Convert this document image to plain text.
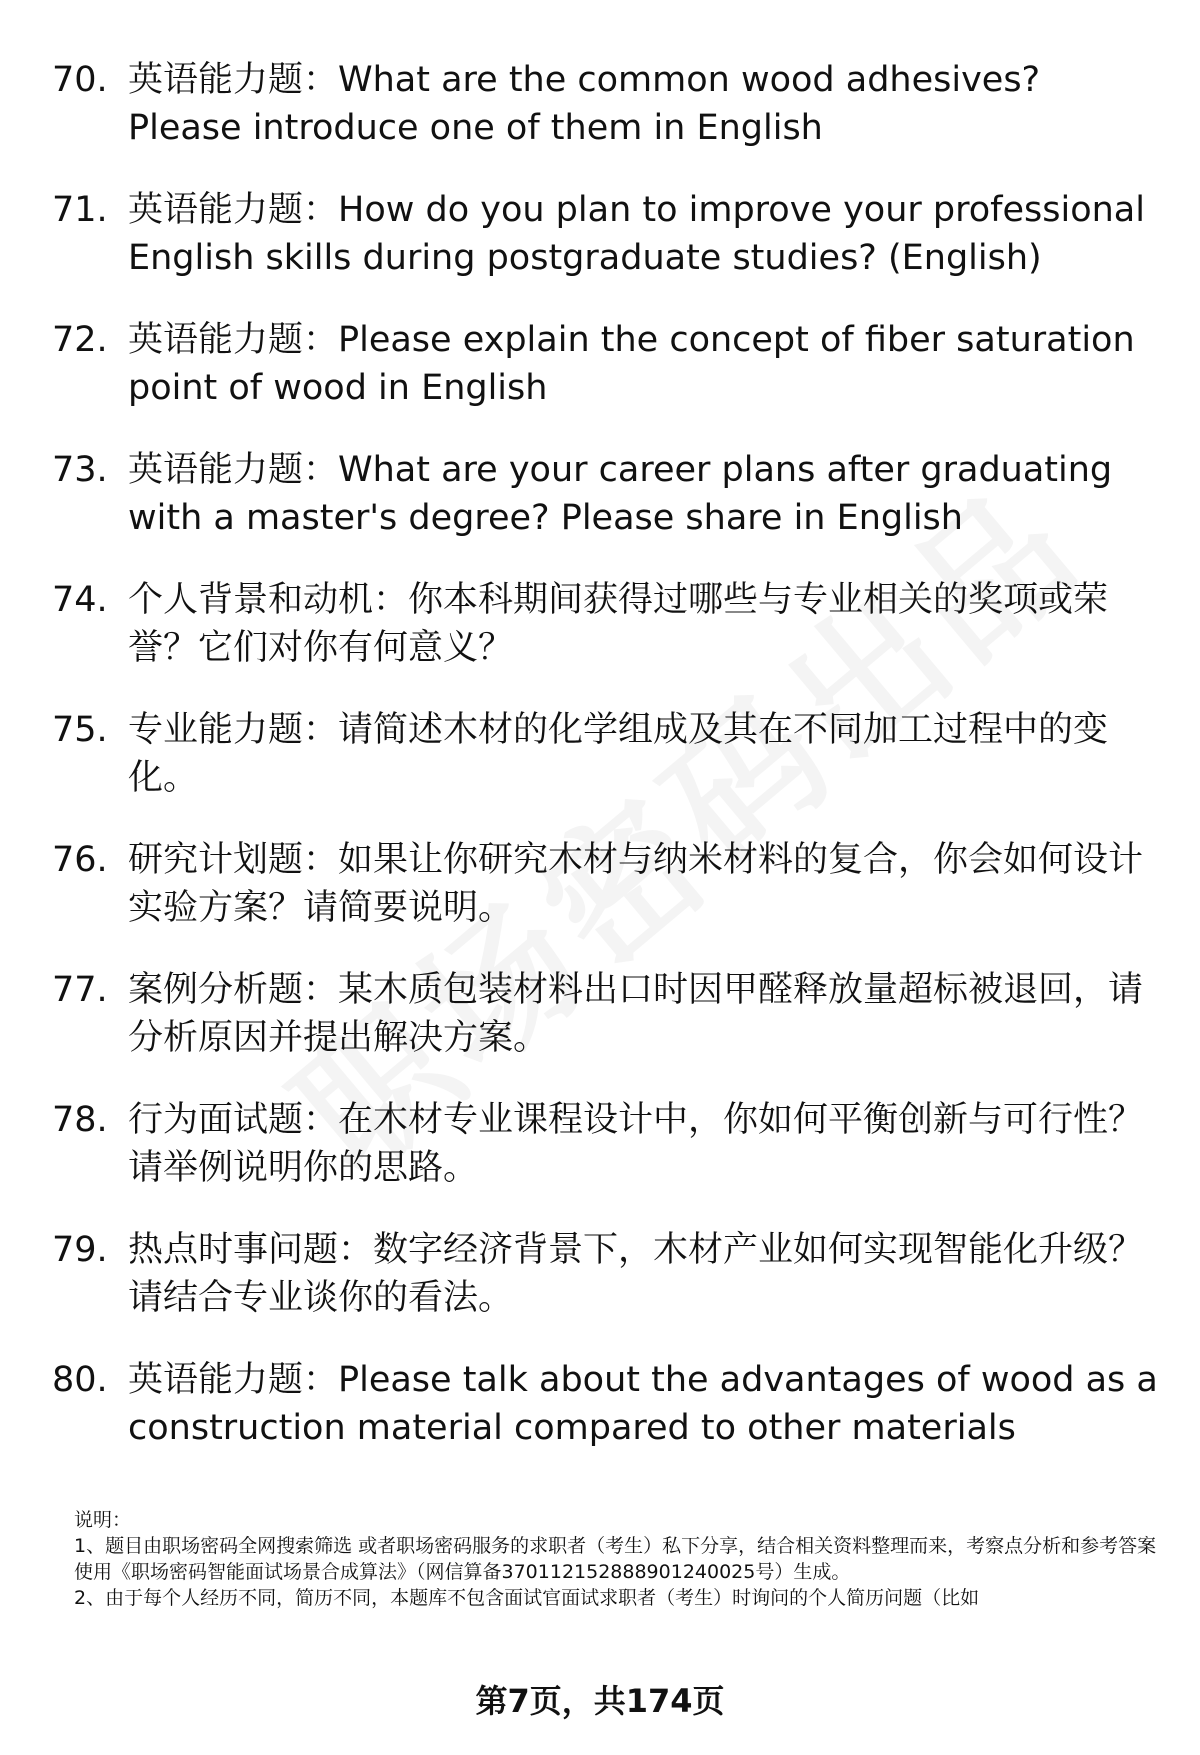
70. 英语能力题：What are the common wood adhesives? Please introduce one of them in English
71. 英语能力题：How do you plan to improve your professional English skills during postgraduate studies? (English)
72. 英语能力题：Please explain the concept of fiber saturation point of wood in English
73. 英语能力题：What are your career plans after graduating with a master's degree? Please share in English
74. 个人背景和动机：你本科期间获得过哪些与专业相关的奖项或荣誉？它们对你有何意义？
75. 专业能力题：请简述木材的化学组成及其在不同加工过程中的变化。
76. 研究计划题：如果让你研究木材与纳米材料的复合，你会如何设计实验方案？请简要说明。
77. 案例分析题：某木质包装材料出口时因甲醛释放量超标被退回，请分析原因并提出解决方案。
78. 行为面试题：在木材专业课程设计中，你如何平衡创新与可行性？请举例说明你的思路。
79. 热点时事问题：数字经济背景下，木材产业如何实现智能化升级？请结合专业谈你的看法。
80. 英语能力题：Please talk about the advantages of wood as a construction material compared to other materials

说明：

1、题目由职场密码全网搜索筛选 或者职场密码服务的求职者（考生）私下分享，结合相关资料整理而来，考察点分析和参考答案使用《职场密码智能面试场景合成算法》（网信算备370112152888901240025号）生成。

2、由于每个人经历不同，简历不同，本题库不包含面试官面试求职者（考生）时询问的个人简历问题（比如

第7页，共174页
